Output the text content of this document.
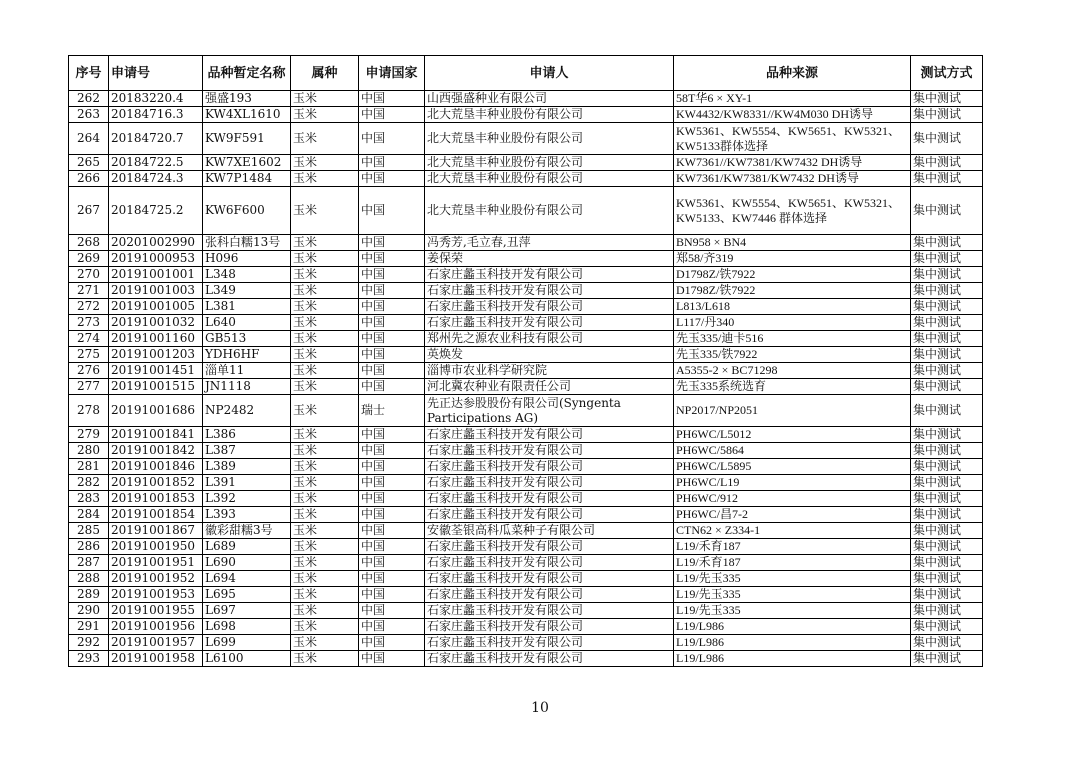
序号	申请号	品种暂定名称	属种	申请国家	申请人	品种来源	测试方式
262	20183220.4	强盛193	玉米	中国	山西强盛种业有限公司	58T华6 × XY-1	集中测试
263	20184716.3	KW4XL1610	玉米	中国	北大荒垦丰种业股份有限公司	KW4432/KW8331//KW4M030 DH诱导	集中测试
264	20184720.7	KW9F591	玉米	中国	北大荒垦丰种业股份有限公司	KW5361、KW5554、KW5651、KW5321、KW5133群体选择	集中测试
265	20184722.5	KW7XE1602	玉米	中国	北大荒垦丰种业股份有限公司	KW7361//KW7381/KW7432 DH诱导	集中测试
266	20184724.3	KW7P1484	玉米	中国	北大荒垦丰种业股份有限公司	KW7361/KW7381/KW7432 DH诱导	集中测试
267	20184725.2	KW6F600	玉米	中国	北大荒垦丰种业股份有限公司	KW5361、KW5554、KW5651、KW5321、KW5133、KW7446 群体选择	集中测试
268	20201002990	张科白糯13号	玉米	中国	冯秀芳,毛立春,丑萍	BN958 × BN4	集中测试
269	20191000953	H096	玉米	中国	姜保荣	郑58/齐319	集中测试
270	20191001001	L348	玉米	中国	石家庄蠡玉科技开发有限公司	D1798Z/铁7922	集中测试
271	20191001003	L349	玉米	中国	石家庄蠡玉科技开发有限公司	D1798Z/铁7922	集中测试
272	20191001005	L381	玉米	中国	石家庄蠡玉科技开发有限公司	L813/L618	集中测试
273	20191001032	L640	玉米	中国	石家庄蠡玉科技开发有限公司	L117/丹340	集中测试
274	20191001160	GB513	玉米	中国	郑州先之源农业科技有限公司	先玉335/迪卡516	集中测试
275	20191001203	YDH6HF	玉米	中国	英焕发	先玉335/铁7922	集中测试
276	20191001451	淄单11	玉米	中国	淄博市农业科学研究院	A5355-2 × BC71298	集中测试
277	20191001515	JN1118	玉米	中国	河北冀农种业有限责任公司	先玉335系统选育	集中测试
278	20191001686	NP2482	玉米	瑞士	先正达参股股份有限公司(Syngenta Participations AG)	NP2017/NP2051	集中测试
279	20191001841	L386	玉米	中国	石家庄蠡玉科技开发有限公司	PH6WC/L5012	集中测试
280	20191001842	L387	玉米	中国	石家庄蠡玉科技开发有限公司	PH6WC/5864	集中测试
281	20191001846	L389	玉米	中国	石家庄蠡玉科技开发有限公司	PH6WC/L5895	集中测试
282	20191001852	L391	玉米	中国	石家庄蠡玉科技开发有限公司	PH6WC/L19	集中测试
283	20191001853	L392	玉米	中国	石家庄蠡玉科技开发有限公司	PH6WC/912	集中测试
284	20191001854	L393	玉米	中国	石家庄蠡玉科技开发有限公司	PH6WC/昌7-2	集中测试
285	20191001867	徽彩甜糯3号	玉米	中国	安徽荃银高科瓜菜种子有限公司	CTN62 × Z334-1	集中测试
286	20191001950	L689	玉米	中国	石家庄蠡玉科技开发有限公司	L19/禾育187	集中测试
287	20191001951	L690	玉米	中国	石家庄蠡玉科技开发有限公司	L19/禾育187	集中测试
288	20191001952	L694	玉米	中国	石家庄蠡玉科技开发有限公司	L19/先玉335	集中测试
289	20191001953	L695	玉米	中国	石家庄蠡玉科技开发有限公司	L19/先玉335	集中测试
290	20191001955	L697	玉米	中国	石家庄蠡玉科技开发有限公司	L19/先玉335	集中测试
291	20191001956	L698	玉米	中国	石家庄蠡玉科技开发有限公司	L19/L986	集中测试
292	20191001957	L699	玉米	中国	石家庄蠡玉科技开发有限公司	L19/L986	集中测试
293	20191001958	L6100	玉米	中国	石家庄蠡玉科技开发有限公司	L19/L986	集中测试
10
